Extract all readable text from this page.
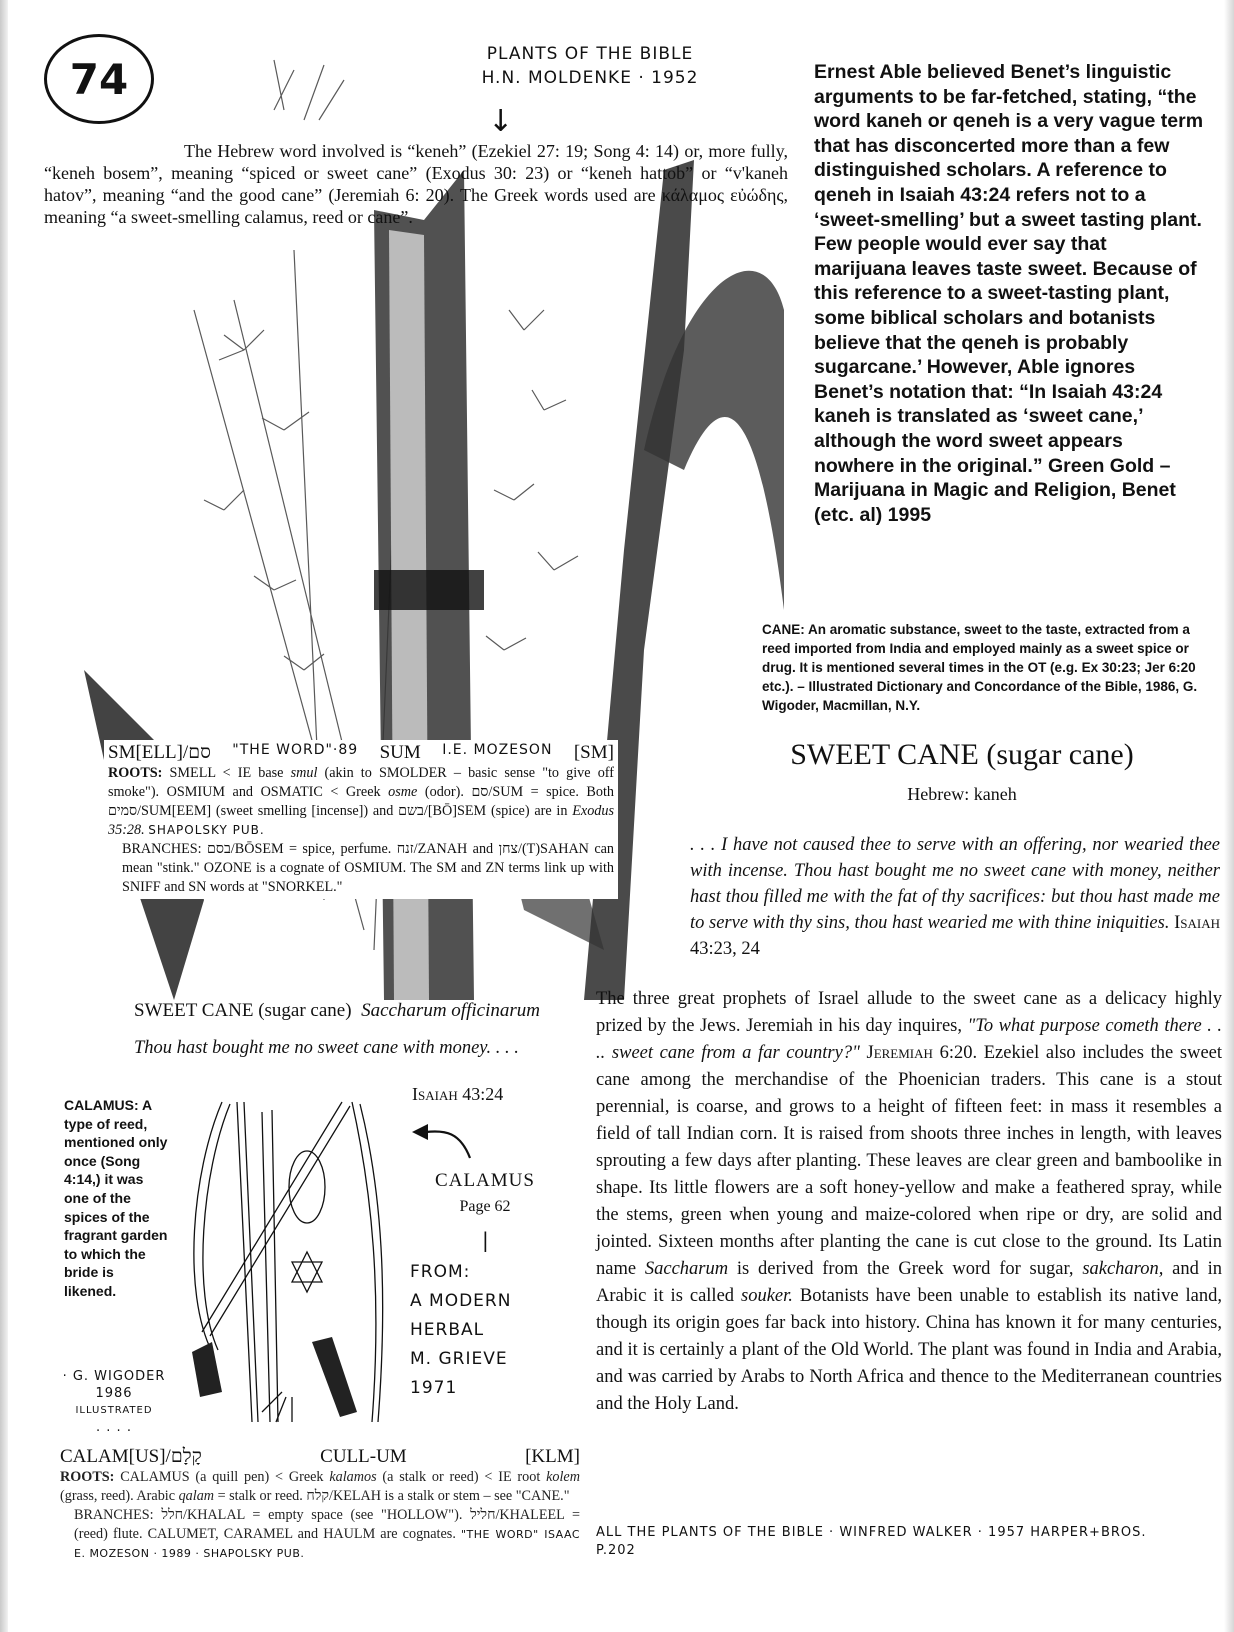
74
PLANTS OF THE BIBLE
H.N. MOLDENKE · 1952
↓
The Hebrew word involved is “keneh” (Ezekiel 27: 19; Song 4: 14) or, more fully, “keneh bosem”, meaning “spiced or sweet cane” (Exodus 30: 23) or “keneh hattob” or “v'kaneh hatov”, meaning “and the good cane” (Jeremiah 6: 20). The Greek words used are κάλαμος εὐώδης, meaning “a sweet-smelling calamus, reed or cane”.
Ernest Able believed Benet’s linguistic arguments to be far-fetched, stating, “the word kaneh or qeneh is a very vague term that has disconcerted more than a few distinguished scholars. A reference to qeneh in Isaiah 43:24 refers not to a ‘sweet-smelling’ but a sweet tasting plant. Few people would ever say that marijuana leaves taste sweet. Because of this reference to a sweet-tasting plant, some biblical scholars and botanists believe that the qeneh is probably sugarcane.’ However, Able ignores Benet’s notation that: “In Isaiah 43:24 kaneh is translated as ‘sweet cane,’ although the word sweet appears nowhere in the original.” Green Gold – Marijuana in Magic and Religion, Benet (etc. al) 1995
CANE: An aromatic substance, sweet to the taste, extracted from a reed imported from India and employed mainly as a sweet spice or drug. It is mentioned several times in the OT (e.g. Ex 30:23; Jer 6:20 etc.). – Illustrated Dictionary and Concordance of the Bible, 1986, G. Wigoder, Macmillan, N.Y.
SWEET CANE (sugar cane)
Hebrew: kaneh
. . . I have not caused thee to serve with an offering, nor wearied thee with incense. Thou hast bought me no sweet cane with money, neither hast thou filled me with the fat of thy sacrifices: but thou hast made me to serve with thy sins, thou hast wearied me with thine iniquities. Isaiah 43:23, 24
The three great prophets of Israel allude to the sweet cane as a delicacy highly prized by the Jews. Jeremiah in his day inquires, "To what purpose cometh there . . .. sweet cane from a far country?" Jeremiah 6:20. Ezekiel also includes the sweet cane among the merchandise of the Phoenician traders. This cane is a stout perennial, is coarse, and grows to a height of fifteen feet: in mass it resembles a field of tall Indian corn. It is raised from shoots three inches in length, with leaves sprouting a few days after planting. These leaves are clear green and bamboolike in shape. Its little flowers are a soft honey-yellow and make a feathered spray, while the stems, green when young and maize-colored when ripe or dry, are solid and jointed. Sixteen months after planting the cane is cut close to the ground. Its Latin name Saccharum is derived from the Greek word for sugar, sakcharon, and in Arabic it is called souker. Botanists have been unable to establish its native land, though its origin goes far back into history. China has known it for many centuries, and it is certainly a plant of the Old World. The plant was found in India and Arabia, and was carried by Arabs to North Africa and thence to the Mediterranean countries and the Holy Land.
ALL THE PLANTS OF THE BIBLE · WINFRED WALKER · 1957 HARPER+BROS.
P.202
SM[ELL]/סם "THE WORD"·89 SUM I.E. MOZESON [SM]
ROOTS: SMELL < IE base smul (akin to SMOLDER – basic sense "to give off smoke"). OSMIUM and OSMATIC < Greek osme (odor). סם/SUM = spice. Both סמים/SUM[EEM] (sweet smelling [incense]) and בשם/[BŌ]SEM (spice) are in Exodus 35:28. SHAPOLSKY PUB.
BRANCHES: בסם/BŌSEM = spice, perfume. זנח/ZANAH and צחן/(T)SAHAN can mean "stink." OZONE is a cognate of OSMIUM. The SM and ZN terms link up with SNIFF and SN words at "SNORKEL."
SWEET CANE (sugar cane) Saccharum officinarum
Thou hast bought me no sweet cane with money. . . .
CALAMUS: A type of reed, mentioned only once (Song 4:14,) it was one of the spices of the fragrant garden to which the bride is likened.
Isaiah 43:24
CALAMUS
Page 62
|
FROM:
A MODERN
HERBAL
M. GRIEVE
1971
· G. WIGODER
1986
ILLUSTRATED
. . . .
CALAM[US]/קָלָם	CULL-UM	[KLM]
ROOTS: CALAMUS (a quill pen) < Greek kalamos (a stalk or reed) < IE root kolem (grass, reed). Arabic qalam = stalk or reed. קלח/KELAH is a stalk or stem – see "CANE."
BRANCHES: חלל/KHALAL = empty space (see "HOLLOW"). חליל/KHALEEL = (reed) flute. CALUMET, CARAMEL and HAULM are cognates. "THE WORD" ISAAC E. MOZESON · 1989 · SHAPOLSKY PUB.
